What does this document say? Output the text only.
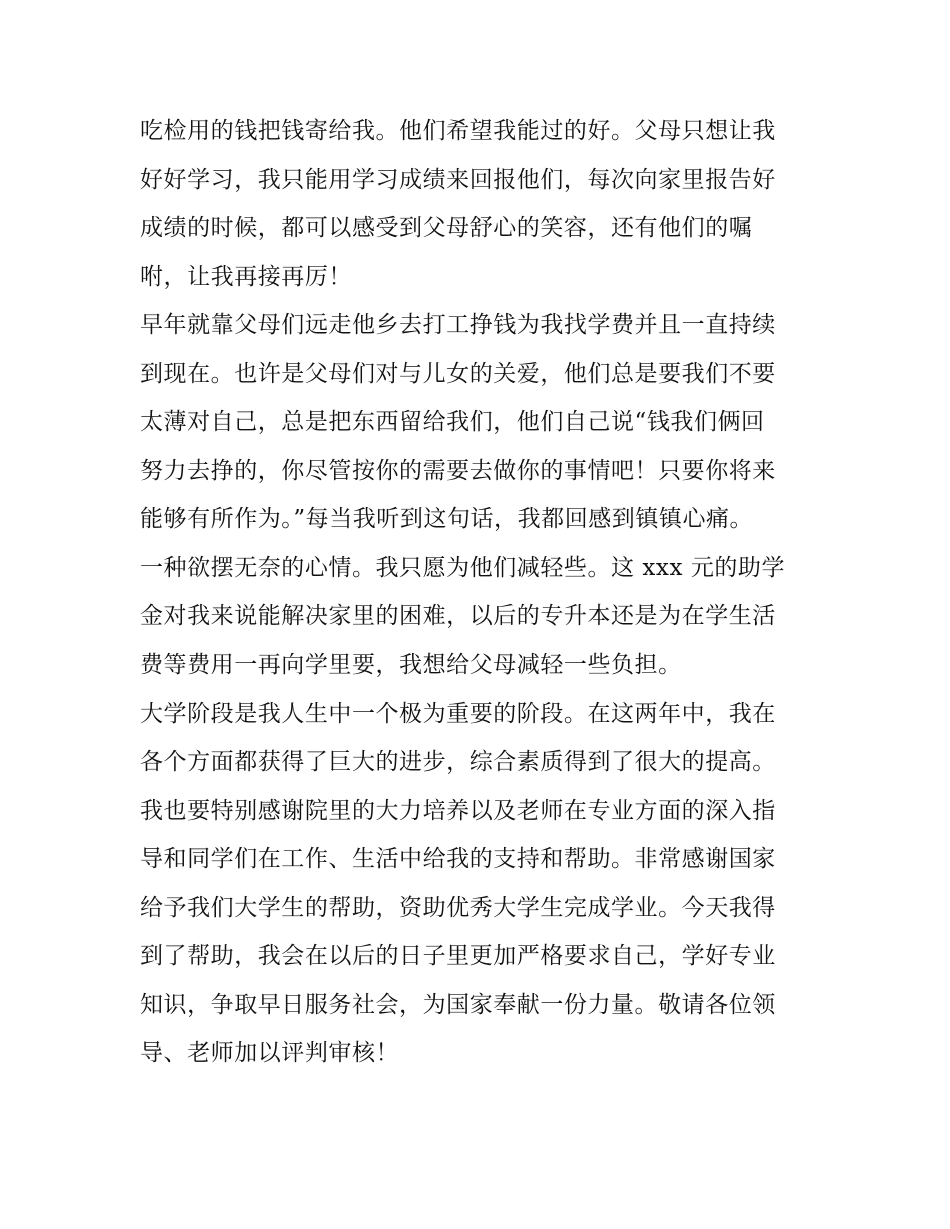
吃检用的钱把钱寄给我。他们希望我能过的好。父母只想让我
好好学习，我只能用学习成绩来回报他们，每次向家里报告好
成绩的时候，都可以感受到父母舒心的笑容，还有他们的嘱
咐，让我再接再厉！
早年就靠父母们远走他乡去打工挣钱为我找学费并且一直持续
到现在。也许是父母们对与儿女的关爱，他们总是要我们不要
太薄对自己，总是把东西留给我们，他们自己说“钱我们俩回
努力去挣的，你尽管按你的需要去做你的事情吧！只要你将来
能够有所作为。”每当我听到这句话，我都回感到镇镇心痛。
一种欲摆无奈的心情。我只愿为他们减轻些。这 xxx 元的助学
金对我来说能解决家里的困难，以后的专升本还是为在学生活
费等费用一再向学里要，我想给父母减轻一些负担。
大学阶段是我人生中一个极为重要的阶段。在这两年中，我在
各个方面都获得了巨大的进步，综合素质得到了很大的提高。
我也要特别感谢院里的大力培养以及老师在专业方面的深入指
导和同学们在工作、生活中给我的支持和帮助。非常感谢国家
给予我们大学生的帮助，资助优秀大学生完成学业。今天我得
到了帮助，我会在以后的日子里更加严格要求自己，学好专业
知识，争取早日服务社会，为国家奉献一份力量。敬请各位领
导、老师加以评判审核！
